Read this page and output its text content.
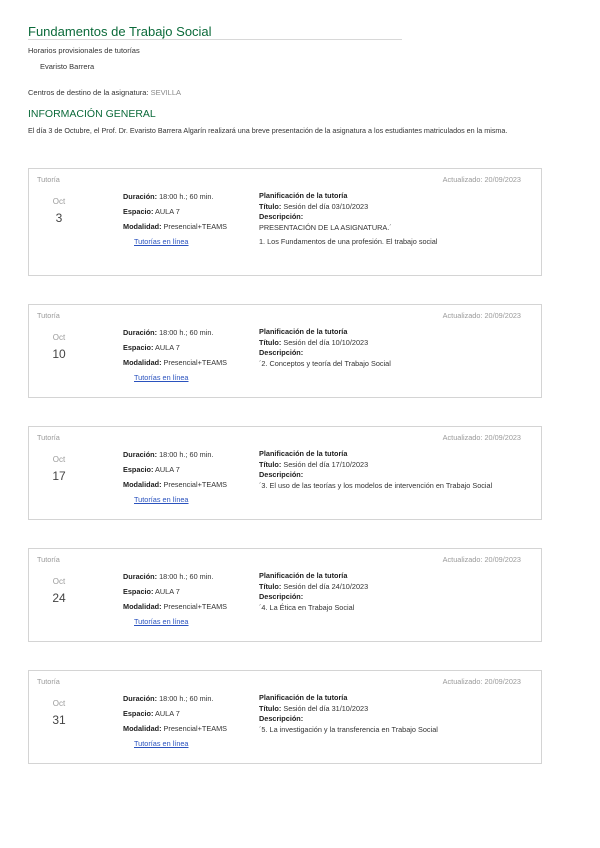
Fundamentos de Trabajo Social
Horarios provisionales de tutorías
Evaristo Barrera
Centros de destino de la asignatura: SEVILLA
INFORMACIÓN GENERAL
El día 3 de Octubre, el Prof. Dr. Evaristo Barrera Algarín realizará una breve presentación de la asignatura a los estudiantes matriculados en la misma.
Tutoría	Actualizado: 20/09/2023
Oct
3
Duración: 18:00 h.; 60 min.
Espacio: AULA 7
Modalidad: Presencial+TEAMS
Tutorías en línea
Planificación de la tutoría
Título: Sesión del día 03/10/2023
Descripción:
PRESENTACIÓN DE LA ASIGNATURA.´
1. Los Fundamentos de una profesión. El trabajo social
Tutoría	Actualizado: 20/09/2023
Oct
10
Duración: 18:00 h.; 60 min.
Espacio: AULA 7
Modalidad: Presencial+TEAMS
Tutorías en línea
Planificación de la tutoría
Título: Sesión del día 10/10/2023
Descripción:
´2. Conceptos y teoría del Trabajo Social
Tutoría	Actualizado: 20/09/2023
Oct
17
Duración: 18:00 h.; 60 min.
Espacio: AULA 7
Modalidad: Presencial+TEAMS
Tutorías en línea
Planificación de la tutoría
Título: Sesión del día 17/10/2023
Descripción:
´3. El uso de las teorías y los modelos de intervención en Trabajo Social
Tutoría	Actualizado: 20/09/2023
Oct
24
Duración: 18:00 h.; 60 min.
Espacio: AULA 7
Modalidad: Presencial+TEAMS
Tutorías en línea
Planificación de la tutoría
Título: Sesión del día 24/10/2023
Descripción:
´4. La Ética en Trabajo Social
Tutoría	Actualizado: 20/09/2023
Oct
31
Duración: 18:00 h.; 60 min.
Espacio: AULA 7
Modalidad: Presencial+TEAMS
Tutorías en línea
Planificación de la tutoría
Título: Sesión del día 31/10/2023
Descripción:
´5. La investigación y la transferencia en Trabajo Social
